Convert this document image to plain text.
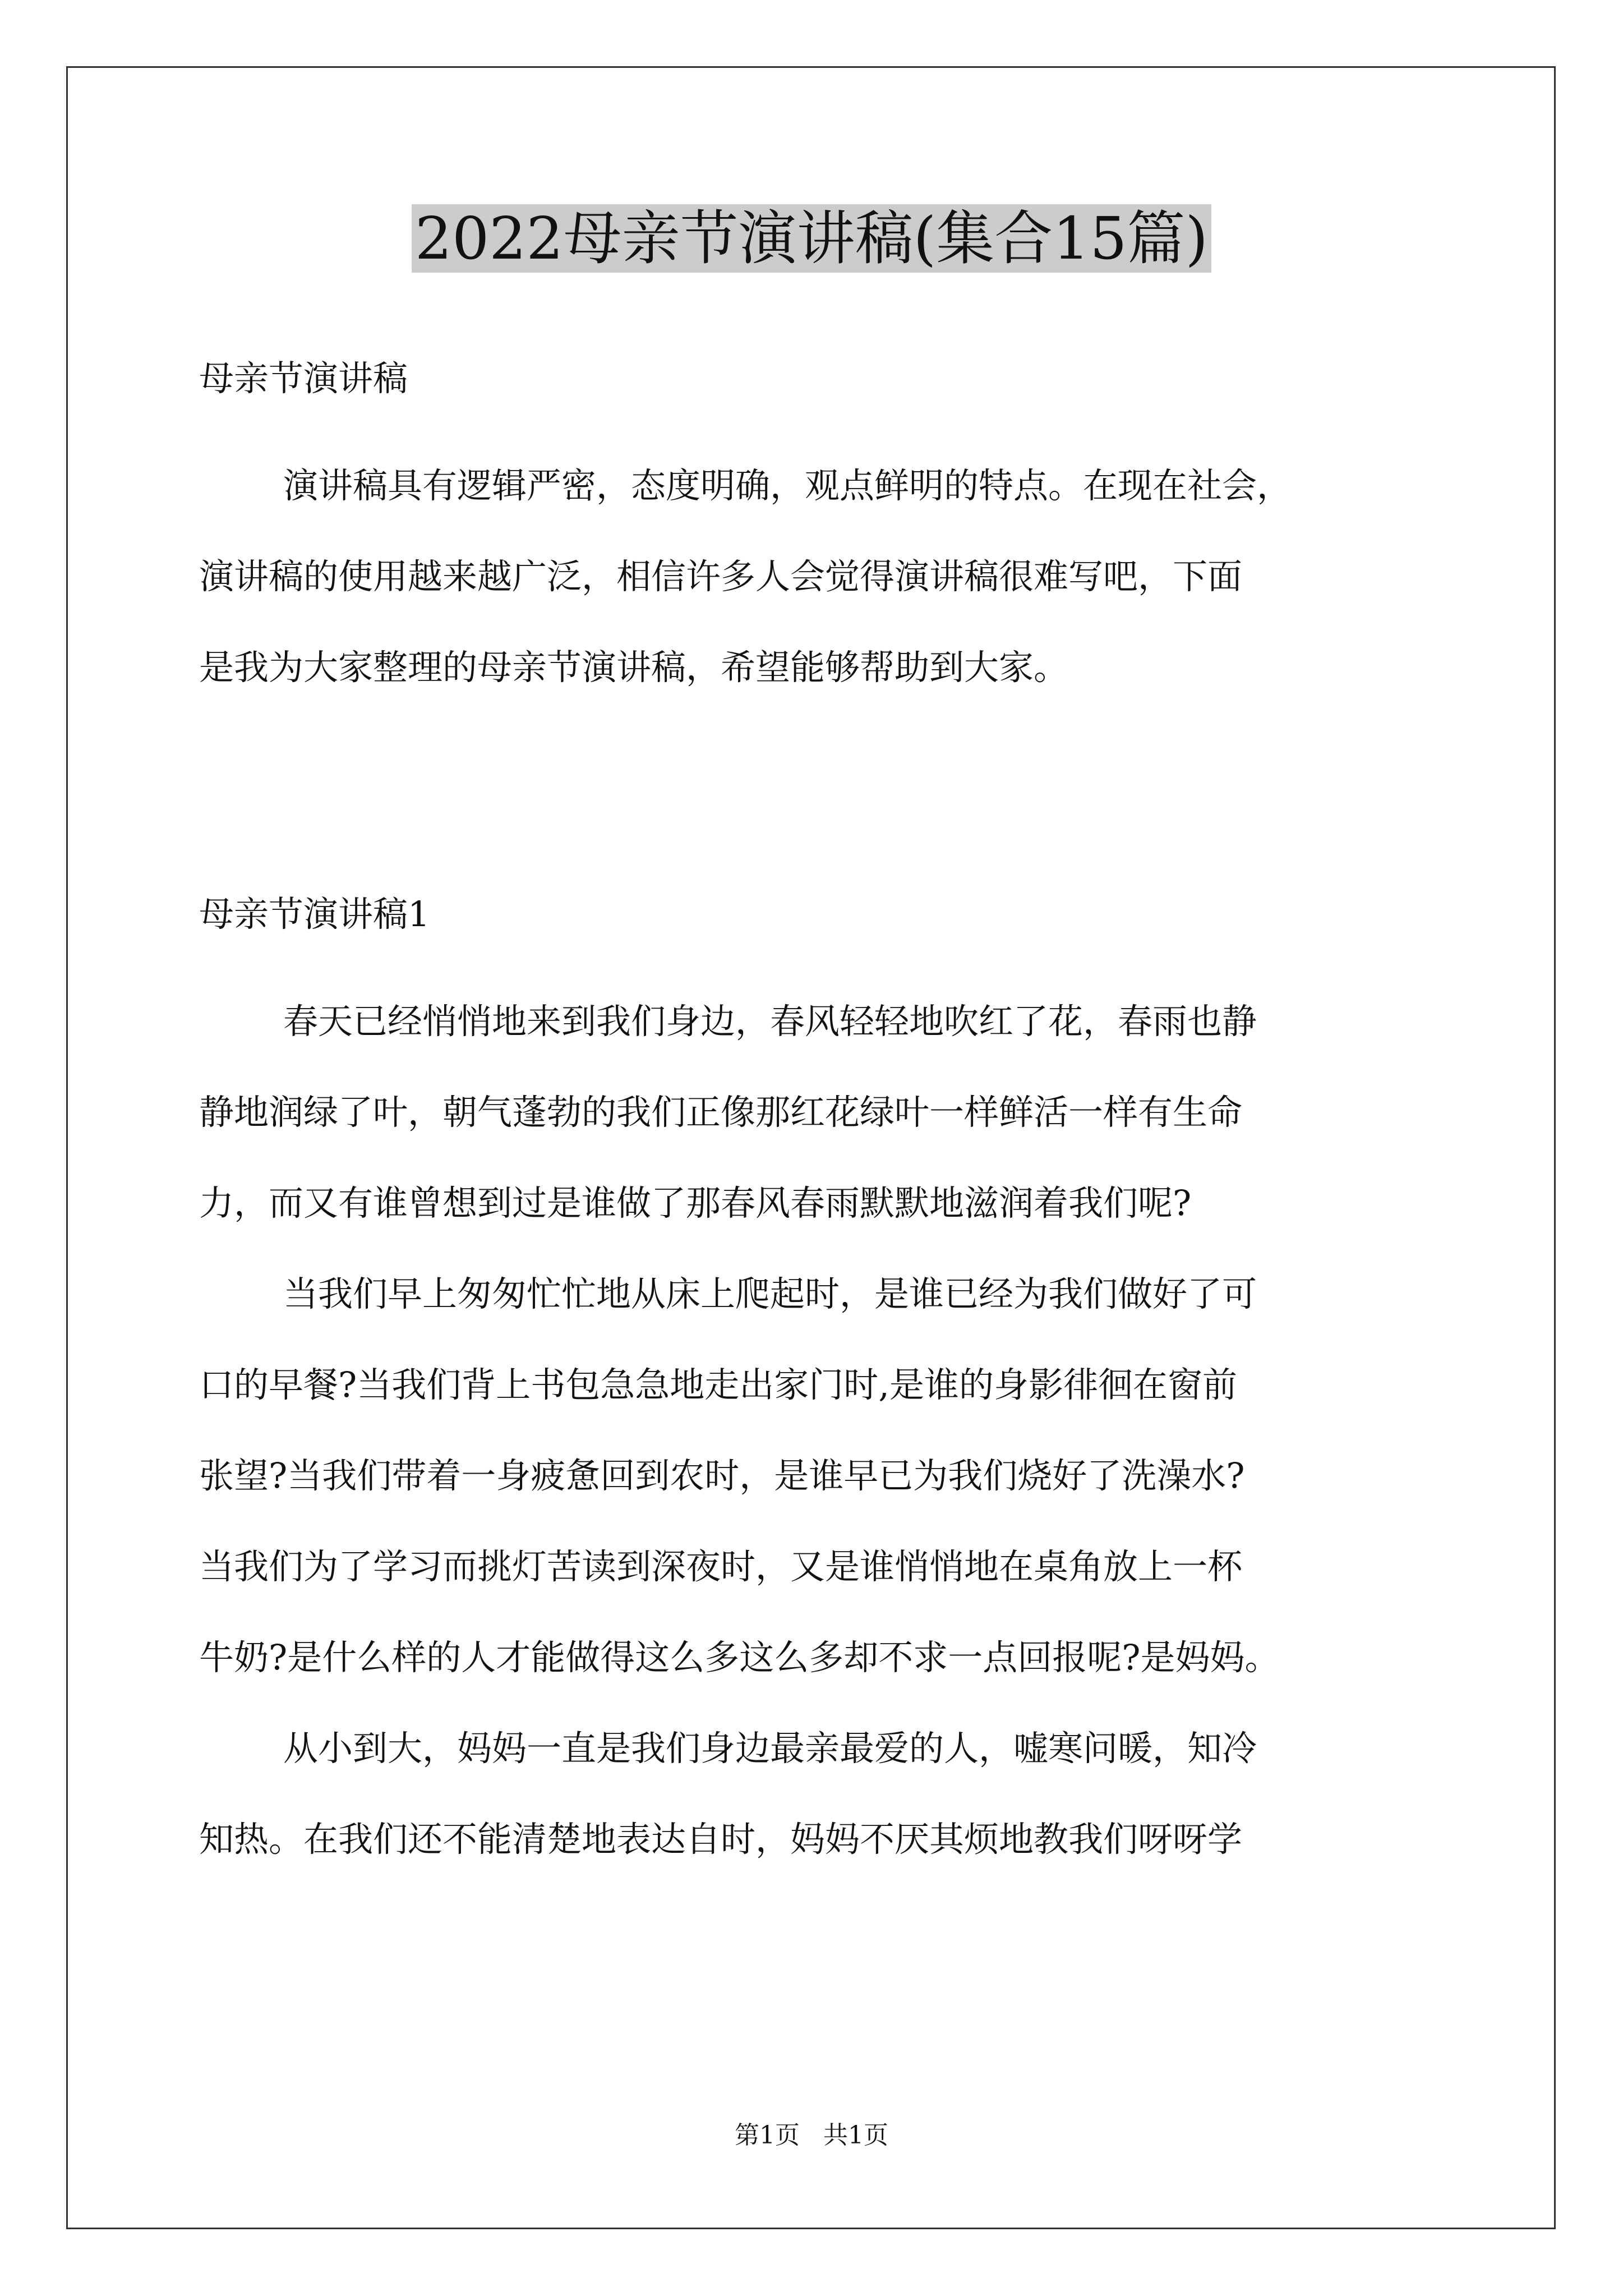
2022母亲节演讲稿(集合15篇)
母亲节演讲稿

演讲稿具有逻辑严密，态度明确，观点鲜明的特点。在现在社会，

演讲稿的使用越来越广泛，相信许多人会觉得演讲稿很难写吧，下面

是我为大家整理的母亲节演讲稿，希望能够帮助到大家。

母亲节演讲稿1

春天已经悄悄地来到我们身边，春风轻轻地吹红了花，春雨也静

静地润绿了叶，朝气蓬勃的我们正像那红花绿叶一样鲜活一样有生命

力，而又有谁曾想到过是谁做了那春风春雨默默地滋润着我们呢?

当我们早上匆匆忙忙地从床上爬起时，是谁已经为我们做好了可

口的早餐?当我们背上书包急急地走出家门时,是谁的身影徘徊在窗前

张望?当我们带着一身疲惫回到农时，是谁早已为我们烧好了洗澡水?

当我们为了学习而挑灯苦读到深夜时，又是谁悄悄地在桌角放上一杯

牛奶?是什么样的人才能做得这么多这么多却不求一点回报呢?是妈妈。

从小到大，妈妈一直是我们身边最亲最爱的人，嘘寒问暖，知冷

知热。在我们还不能清楚地表达自时，妈妈不厌其烦地教我们呀呀学

第1页   共1页
